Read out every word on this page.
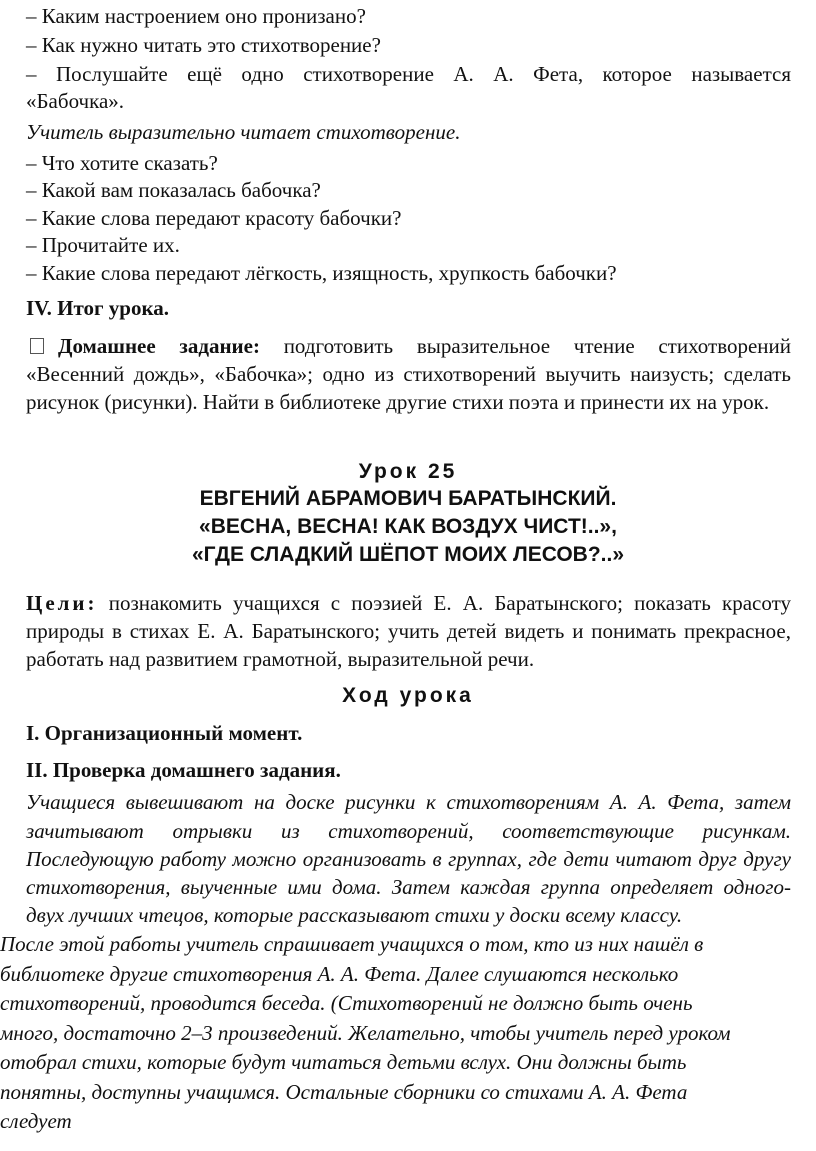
– Каким настроением оно пронизано?
– Как нужно читать это стихотворение?
– Послушайте ещё одно стихотворение А. А. Фета, которое называется
«Бабочка».
Учитель выразительно читает стихотворение.
– Что хотите сказать?
– Какой вам показалась бабочка?
– Какие слова передают красоту бабочки?
– Прочитайте их.
– Какие слова передают лёгкость, изящность, хрупкость бабочки?
IV. Итог урока.
Домашнее задание: подготовить выразительное чтение стихотворений
«Весенний дождь», «Бабочка»; одно из стихотворений выучить наизусть; сделать
рисунок (рисунки). Найти в библиотеке другие стихи поэта и принести их на урок.
Урок 25
ЕВГЕНИЙ АБРАМОВИЧ БАРАТЫНСКИЙ.
«ВЕСНА, ВЕСНА! КАК ВОЗДУХ ЧИСТ!..»,
«ГДЕ СЛАДКИЙ ШЁПОТ МОИХ ЛЕСОВ?..»
Цели: познакомить учащихся с поэзией Е. А. Баратынского; показать красоту
природы в стихах Е. А. Баратынского; учить детей видеть и понимать прекрасное,
работать над развитием грамотной, выразительной речи.
Ход урока
I. Организационный момент.
II. Проверка домашнего задания.
Учащиеся вывешивают на доске рисунки к стихотворениям А. А. Фета, затем
зачитывают отрывки из стихотворений, соответствующие рисункам.
Последующую работу можно организовать в группах, где дети читают друг другу
стихотворения, выученные ими дома. Затем каждая группа определяет одного-
двух лучших чтецов, которые рассказывают стихи у доски всему классу.
После этой работы учитель спрашивает учащихся о том, кто из них нашёл в
библиотеке другие стихотворения А. А. Фета. Далее слушаются несколько
стихотворений, проводится беседа. (Стихотворений не должно быть очень
много, достаточно 2–3 произведений. Желательно, чтобы учитель перед уроком
отобрал стихи, которые будут читаться детьми вслух. Они должны быть
понятны, доступны учащимся. Остальные сборники со стихами А. А. Фета
следует
